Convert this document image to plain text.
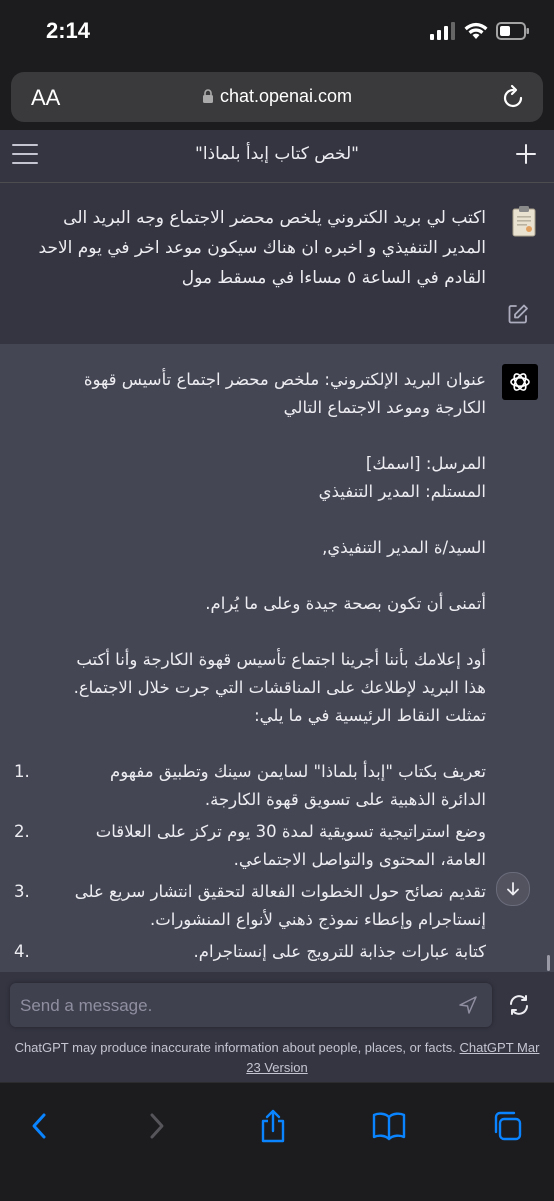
2:14
AA	chat.openai.com
"لخص كتاب إبدأ بلماذا"
اكتب لي بريد الكتروني يلخص محضر الاجتماع وجه البريد الى المدير التنفيذي و اخبره ان هناك سيكون موعد اخر في يوم الاحد القادم في الساعة ٥ مساءا في مسقط مول

عنوان البريد الإلكتروني: ملخص محضر اجتماع تأسيس قهوة
الكارجة وموعد الاجتماع التالي

المرسل: [اسمك]
المستلم: المدير التنفيذي

السيد/ة المدير التنفيذي,

أتمنى أن تكون بصحة جيدة وعلى ما يُرام.

أود إعلامك بأننا أجرينا اجتماع تأسيس قهوة الكارجة وأنا أكتب هذا البريد لإطلاعك على المناقشات التي جرت خلال الاجتماع. تمثلت النقاط الرئيسية في ما يلي:

1.	تعريف بكتاب "إبدأ بلماذا" لسايمن سينك وتطبيق مفهوم الدائرة الذهبية على تسويق قهوة الكارجة.
2.	وضع استراتيجية تسويقية لمدة 30 يوم تركز على العلاقات العامة، المحتوى والتواصل الاجتماعي.
3.	تقديم نصائح حول الخطوات الفعالة لتحقيق انتشار سريع على إنستاجرام وإعطاء نموذج ذهني لأنواع المنشورات.
4.	كتابة عبارات جذابة للترويج على إنستاجرام.
Send a message.
ChatGPT may produce inaccurate information about people, places, or facts. ChatGPT Mar 23 Version
